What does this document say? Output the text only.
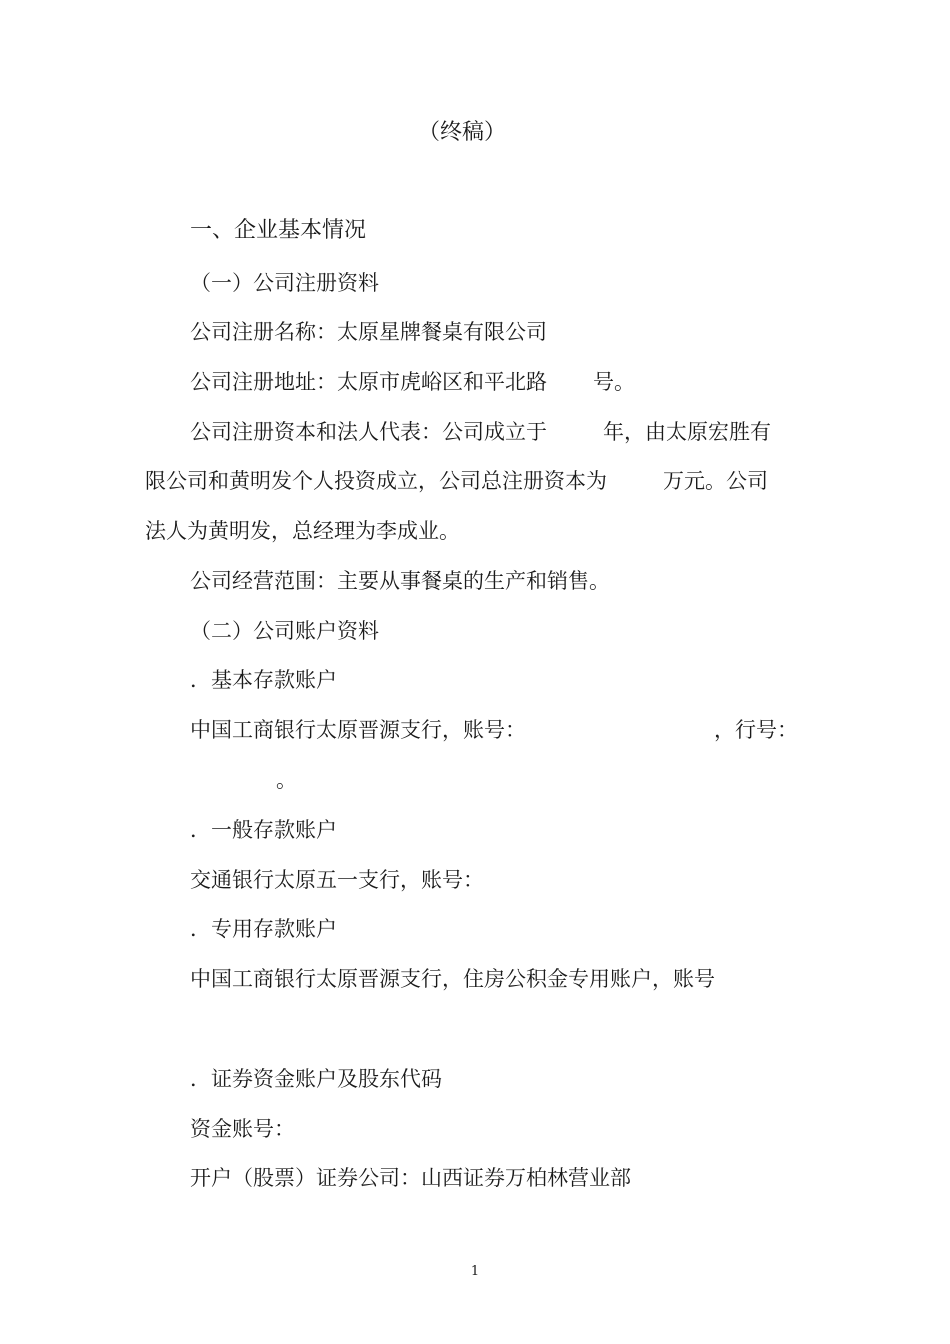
（终稿）

一、企业基本情况

（一）公司注册资料

公司注册名称：太原星牌餐桌有限公司

公司注册地址：太原市虎峪区和平北路 号。

公司注册资本和法人代表：公司成立于	年，由太原宏胜有

限公司和黄明发个人投资成立，公司总注册资本为	万元。公司

法人为黄明发，总经理为李成业。

公司经营范围：主要从事餐桌的生产和销售。

（二）公司账户资料

．基本存款账户

中国工商银行太原晋源支行，账号：	，行号：

。

．一般存款账户

交通银行太原五一支行，账号：

．专用存款账户

中国工商银行太原晋源支行，住房公积金专用账户，账号

．证券资金账户及股东代码

资金账号：

开户（股票）证券公司：山西证券万柏林营业部

1
